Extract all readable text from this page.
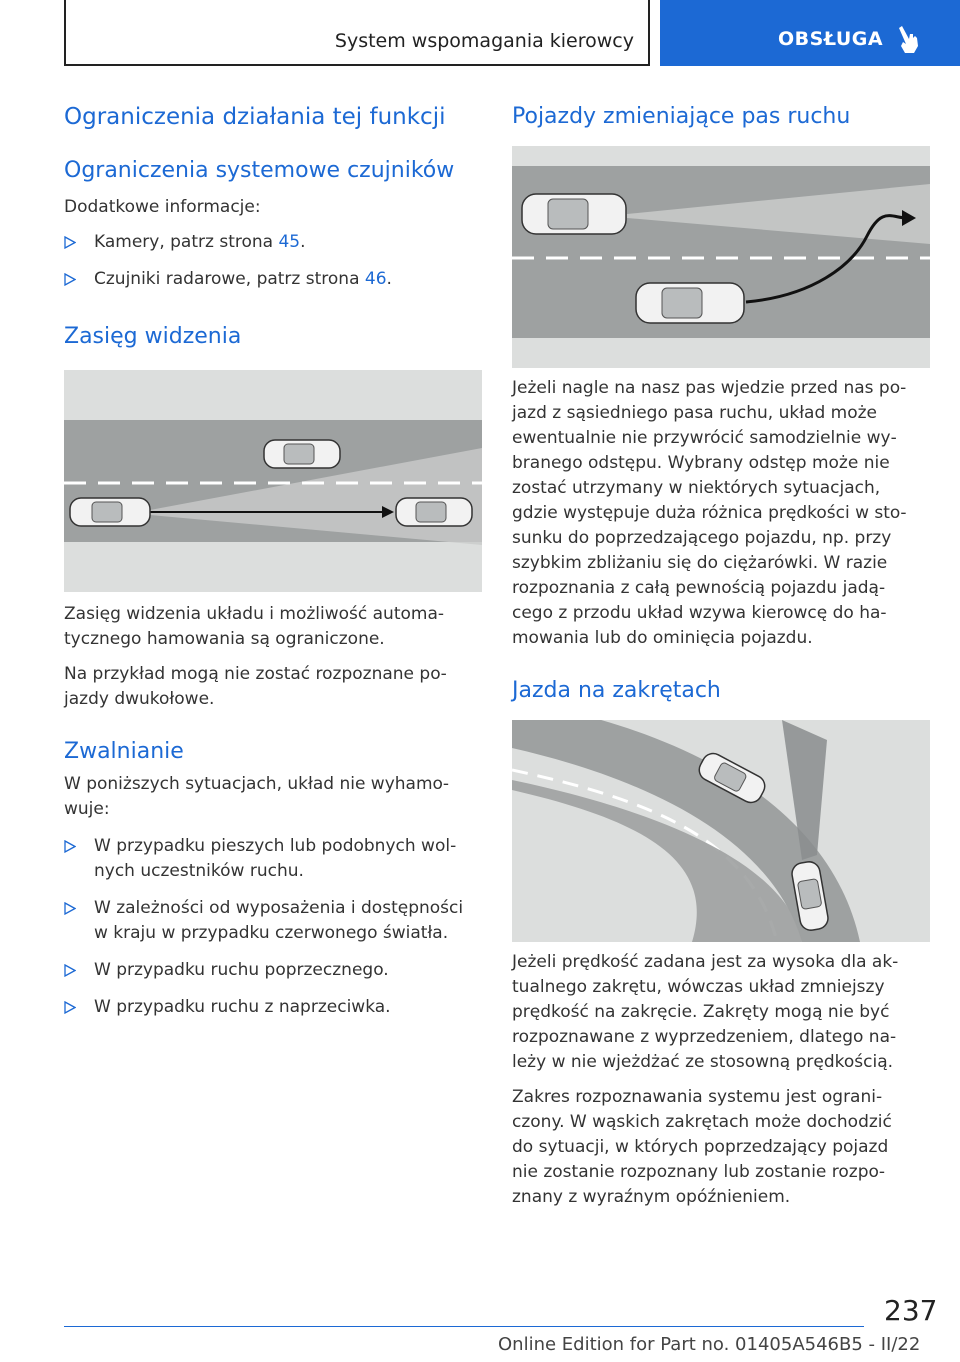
System wspomagania kierowcy	OBSŁUGA
Ograniczenia działania tej funkcji
Ograniczenia systemowe czujników

Dodatkowe informacje:

Kamery, patrz strona 45.
Czujniki radarowe, patrz strona 46.
Zasięg widzenia

Zasięg widzenia układu i możliwość automa‐
tycznego hamowania są ograniczone.

Na przykład mogą nie zostać rozpoznane po‐
jazdy dwukołowe.

Zwalnianie

W poniższych sytuacjach, układ nie wyhamo‐
wuje:

W przypadku pieszych lub podobnych wol‐
nych uczestników ruchu.
W zależności od wyposażenia i dostępności
w kraju w przypadku czerwonego światła.
W przypadku ruchu poprzecznego.
W przypadku ruchu z naprzeciwka.
Pojazdy zmieniające pas ruchu

Jeżeli nagle na nasz pas wjedzie przed nas po‐
jazd z sąsiedniego pasa ruchu, układ może
ewentualnie nie przywrócić samodzielnie wy‐
branego odstępu. Wybrany odstęp może nie
zostać utrzymany w niektórych sytuacjach,
gdzie występuje duża różnica prędkości w sto‐
sunku do poprzedzającego pojazdu, np. przy
szybkim zbliżaniu się do ciężarówki. W razie
rozpoznania z całą pewnością pojazdu jadą‐
cego z przodu układ wzywa kierowcę do ha‐
mowania lub do ominięcia pojazdu.

Jazda na zakrętach

Jeżeli prędkość zadana jest za wysoka dla ak‐
tualnego zakrętu, wówczas układ zmniejszy
prędkość na zakręcie. Zakręty mogą nie być
rozpoznawane z wyprzedzeniem, dlatego na‐
leży w nie wjeżdżać ze stosowną prędkością.

Zakres rozpoznawania systemu jest ograni‐
czony. W wąskich zakrętach może dochodzić
do sytuacji, w których poprzedzający pojazd
nie zostanie rozpoznany lub zostanie rozpo‐
znany z wyraźnym opóźnieniem.

237
Online Edition for Part no. 01405A546B5 - II/22
